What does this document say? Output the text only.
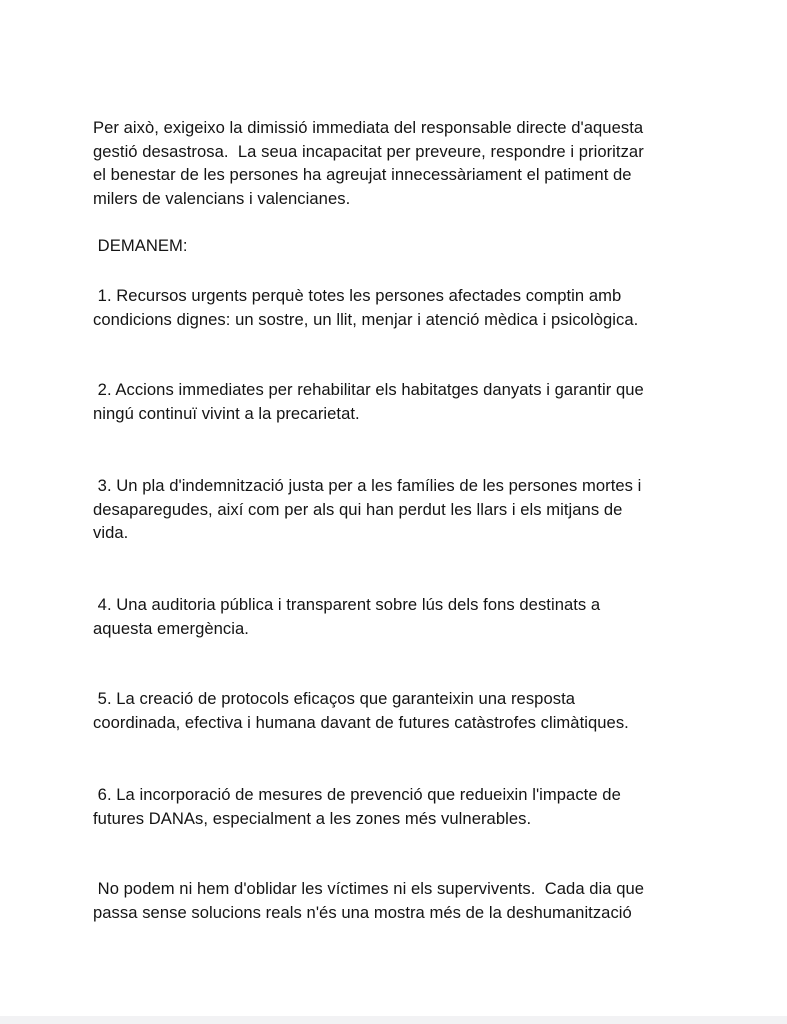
Per això, exigeixo la dimissió immediata del responsable directe d'aquesta
gestió desastrosa.  La seua incapacitat per preveure, respondre i prioritzar
el benestar de les persones ha agreujat innecessàriament el patiment de
milers de valencians i valencianes.

DEMANEM:

1. Recursos urgents perquè totes les persones afectades comptin amb
condicions dignes: un sostre, un llit, menjar i atenció mèdica i psicològica.

2. Accions immediates per rehabilitar els habitatges danyats i garantir que
ningú continuï vivint a la precarietat.

3. Un pla d'indemnització justa per a les famílies de les persones mortes i
desaparegudes, així com per als qui han perdut les llars i els mitjans de
vida.

4. Una auditoria pública i transparent sobre lús dels fons destinats a
aquesta emergència.

5. La creació de protocols eficaços que garanteixin una resposta
coordinada, efectiva i humana davant de futures catàstrofes climàtiques.

6. La incorporació de mesures de prevenció que redueixin l'impacte de
futures DANAs, especialment a les zones més vulnerables.

No podem ni hem d'oblidar les víctimes ni els supervivents.  Cada dia que
passa sense solucions reals n'és una mostra més de la deshumanització
